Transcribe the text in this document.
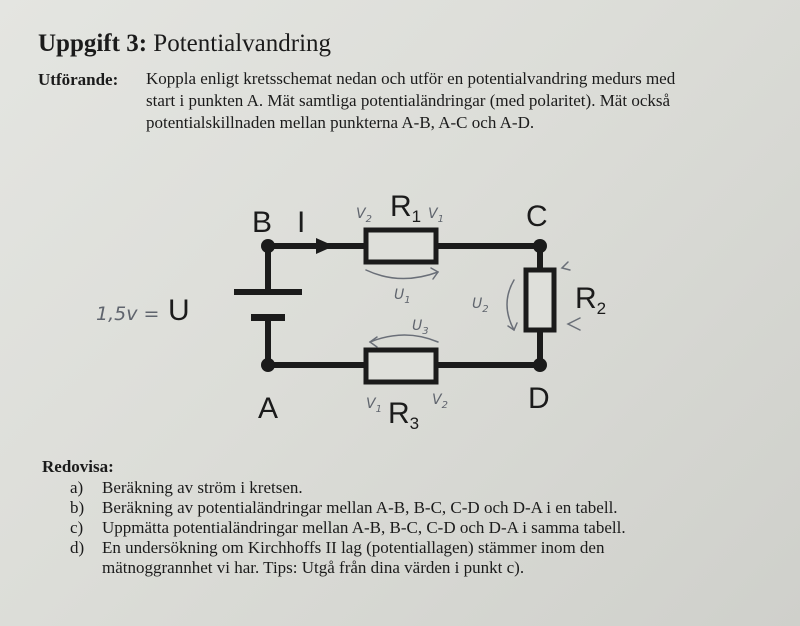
Uppgift 3: Potentialvandring
Utförande: Koppla enligt kretsschemat nedan och utför en potentialvandring medurs med
start i punkten A. Mät samtliga potentialändringar (med polaritet). Mät också
potentialskillnaden mellan punkterna A-B, A-C och A-D.
B I	$R_1$	C
$R_2$
U
A	D
$R_3$
1,5v =
$V_2$	$V_1$
$U_1$
$U_3$
$U_2$
$V_1$
$V_2$
Redovisa:
a)	Beräkning av ström i kretsen.
b)	Beräkning av potentialändringar mellan A-B, B-C, C-D och D-A i en tabell.
c)	Uppmätta potentialändringar mellan A-B, B-C, C-D och D-A i samma tabell.
d)	En undersökning om Kirchhoffs II lag (potentiallagen) stämmer inom den
mätnoggrannhet vi har. Tips: Utgå från dina värden i punkt c).
